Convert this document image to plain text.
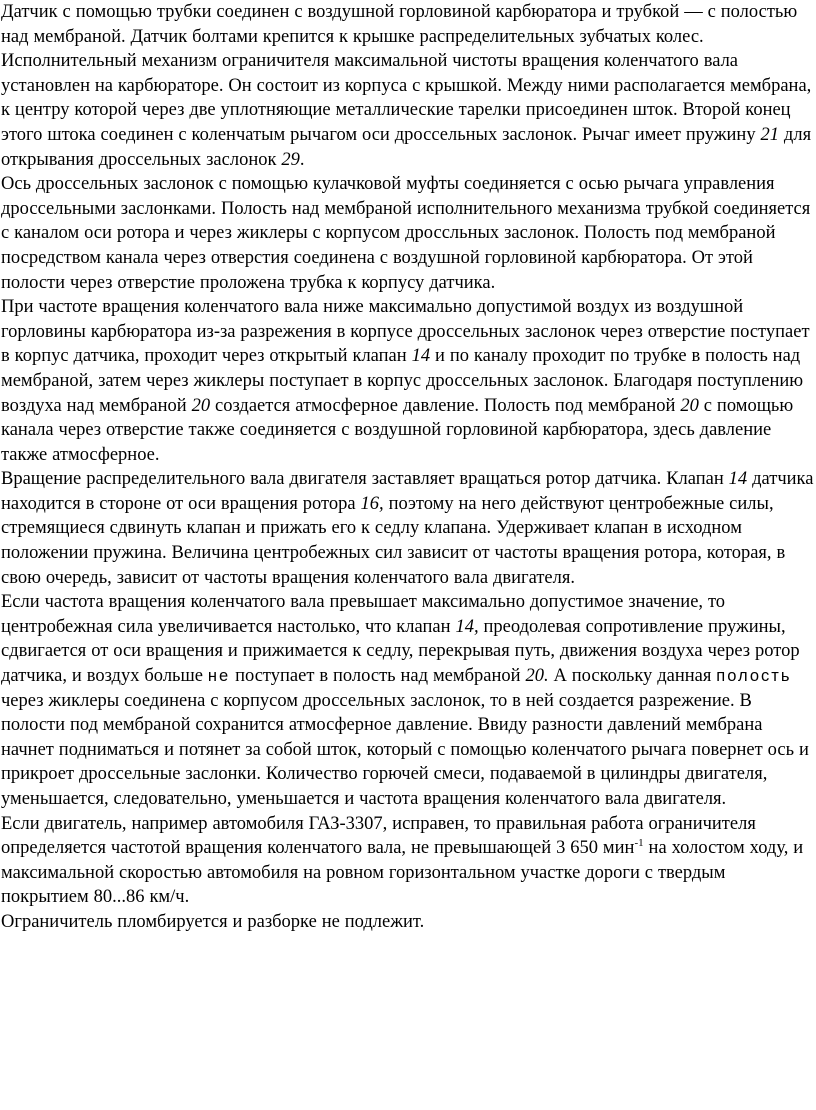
Датчик с помощью трубки соединен с воздушной горловиной карбюратора и трубкой — с полостью над мембраной. Датчик болтами крепится к крышке распределительных зубчатых колес.

Исполнительный механизм ограничителя максимальной чистоты вращения коленчатого вала установлен на карбюраторе. Он состоит из корпуса с крышкой. Между ними располагается мембрана, к центру которой через две уплотняющие металлические тарелки присоединен шток. Второй конец этого штока соединен с коленчатым рычагом оси дроссельных заслонок. Рычаг имеет пружину 21 для открывания дроссельных заслонок 29.

Ось дроссельных заслонок с помощью кулачковой муфты соединяется с осью рычага управления дроссельными заслонками. Полость над мембраной исполнительного механизма трубкой соединяется с каналом оси ротора и через жиклеры с корпусом дроссльных заслонок. Полость под мембраной посредством канала через отверстия соединена с воздушной горловиной карбюратора. От этой полости через отверстие проложена трубка к корпусу датчика.

При частоте вращения коленчатого вала ниже максимально допустимой воздух из воздушной горловины карбюратора из-за разрежения в корпусе дроссельных заслонок через отверстие поступает в корпус датчика, проходит через открытый клапан 14 и по каналу проходит по трубке в полость над мембраной, затем через жиклеры поступает в корпус дроссельных заслонок. Благодаря поступлению воздуха над мембраной 20 создается атмосферное давление. Полость под мембраной 20 с помощью канала через отверстие также соединяется с воздушной горловиной карбюратора, здесь давление также атмосферное.

Вращение распределительного вала двигателя заставляет вращаться ротор датчика. Клапан 14 датчика находится в стороне от оси вращения ротора 16, поэтому на него действуют центробежные силы, стремящиеся сдвинуть клапан и прижать его к седлу клапана. Удерживает клапан в исходном положении пружина. Величина центробежных сил зависит от частоты вращения ротора, которая, в свою очередь, зависит от частоты вращения коленчатого вала двигателя.

Если частота вращения коленчатого вала превышает максимально допустимое значение, то центробежная сила увеличивается настолько, что клапан 14, преодолевая сопротивление пружины, сдвигается от оси вращения и прижимается к седлу, перекрывая путь, движения воздуха через ротор датчика, и воздух больше не поступает в полость над мембраной 20. А поскольку данная полость через жиклеры соединена с корпусом дроссельных заслонок, то в ней создается разрежение. В полости под мембраной сохранится атмосферное давление. Ввиду разности давлений мембрана начнет подниматься и потянет за собой шток, который с помощью коленчатого рычага повернет ось и прикроет дроссельные заслонки. Количество горючей смеси, подаваемой в цилиндры двигателя, уменьшается, следовательно, уменьшается и частота вращения коленчатого вала двигателя.

Если двигатель, например автомобиля ГАЗ-3307, исправен, то правильная работа ограничителя определяется частотой вращения коленчатого вала, не превышающей 3 650 мин$^{-1}$ на холостом ходу, и максимальной скоростью автомобиля на ровном горизонтальном участке дороги с твердым покрытием 80...86 км/ч.

Ограничитель пломбируется и разборке не подлежит.
